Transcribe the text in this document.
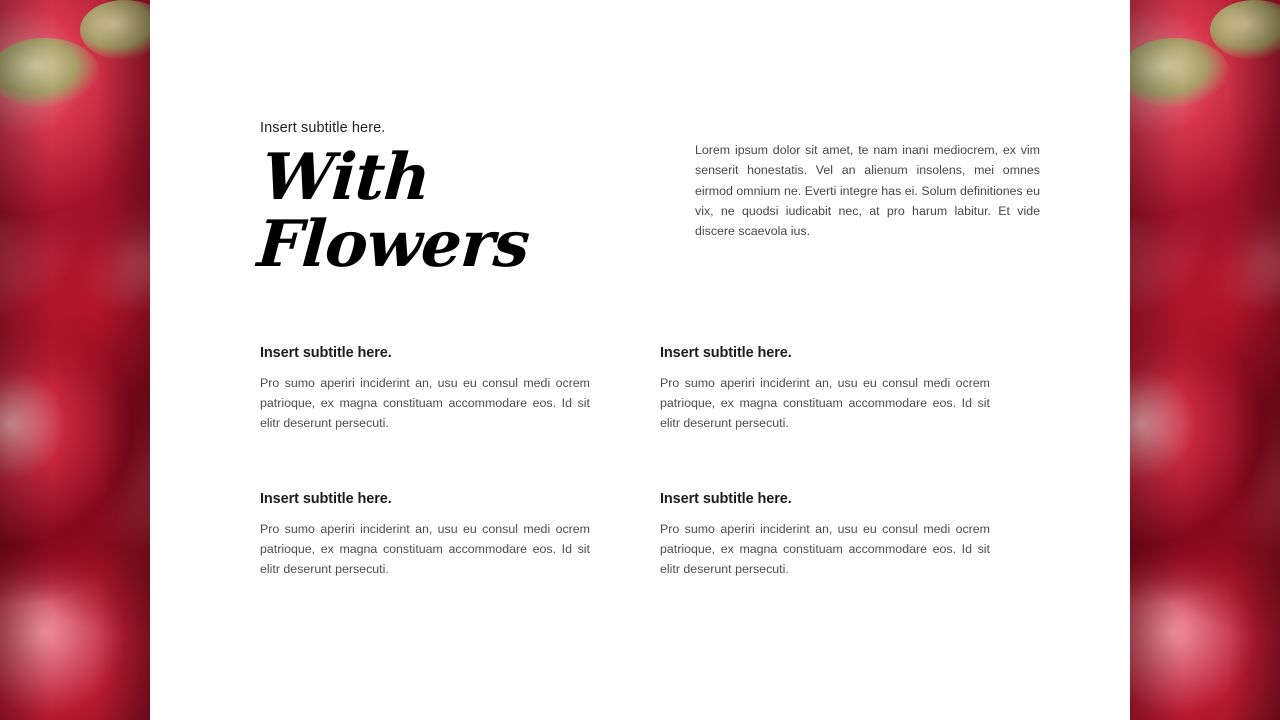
Insert subtitle here.

With Flowers

Lorem ipsum dolor sit amet, te nam inani mediocrem, ex vim senserit honestatis. Vel an alienum insolens, mei omnes eirmod omnium ne. Everti integre has ei. Solum definitiones eu vix, ne quodsi iudicabit nec, at pro harum labitur. Et vide discere scaevola ius.

Insert subtitle here.

Pro sumo aperiri inciderint an, usu eu consul medi ocrem patrioque, ex magna constituam accommodare eos. Id sit elitr deserunt persecuti.

Insert subtitle here.

Pro sumo aperiri inciderint an, usu eu consul medi ocrem patrioque, ex magna constituam accommodare eos. Id sit elitr deserunt persecuti.

Insert subtitle here.

Pro sumo aperiri inciderint an, usu eu consul medi ocrem patrioque, ex magna constituam accommodare eos. Id sit elitr deserunt persecuti.

Insert subtitle here.

Pro sumo aperiri inciderint an, usu eu consul medi ocrem patrioque, ex magna constituam accommodare eos. Id sit elitr deserunt persecuti.
